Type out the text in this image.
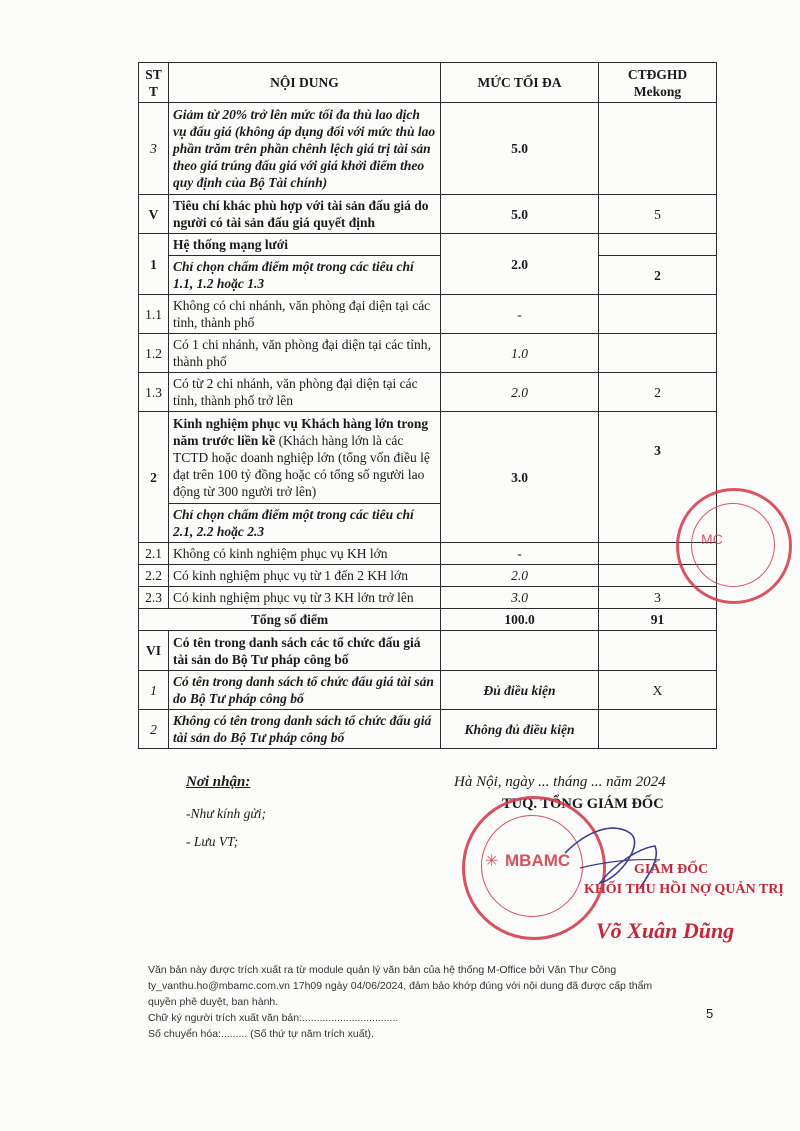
ST T	NỘI DUNG	MỨC TỐI ĐA	CTĐGHD Mekong
3	Giảm từ 20% trở lên mức tối đa thù lao dịch vụ đấu giá (không áp dụng đối với mức thù lao phần trăm trên phần chênh lệch giá trị tài sản theo giá trúng đấu giá với giá khởi điểm theo quy định của Bộ Tài chính)	5.0	
V	Tiêu chí khác phù hợp với tài sản đấu giá do người có tài sản đấu giá quyết định	5.0	5
1	Hệ thống mạng lưới	2.0	
	Chỉ chọn chấm điểm một trong các tiêu chí 1.1, 1.2 hoặc 1.3		2
1.1	Không có chi nhánh, văn phòng đại diện tại các tỉnh, thành phố	-	
1.2	Có 1 chi nhánh, văn phòng đại diện tại các tỉnh, thành phố	1.0	
1.3	Có từ 2 chi nhánh, văn phòng đại diện tại các tỉnh, thành phố trở lên	2.0	2
2	Kinh nghiệm phục vụ Khách hàng lớn trong năm trước liền kề (Khách hàng lớn là các TCTD hoặc doanh nghiệp lớn (tổng vốn điều lệ đạt trên 100 tỷ đồng hoặc có tổng số người lao động từ 300 người trở lên)	3.0	3
	Chỉ chọn chấm điểm một trong các tiêu chí 2.1, 2.2 hoặc 2.3		
2.1	Không có kinh nghiệm phục vụ KH lớn	-	
2.2	Có kinh nghiệm phục vụ từ 1 đến 2 KH lớn	2.0	
2.3	Có kinh nghiệm phục vụ từ 3 KH lớn trở lên	3.0	3
Tổng số điểm		100.0	91
VI	Có tên trong danh sách các tổ chức đấu giá tài sản do Bộ Tư pháp công bố		
1	Có tên trong danh sách tổ chức đấu giá tài sản do Bộ Tư pháp công bố	Đủ điều kiện	X
2	Không có tên trong danh sách tổ chức đấu giá tài sản do Bộ Tư pháp công bố	Không đủ điều kiện	
MC
Nơi nhận:
-Như kính gửi;
- Lưu VT;
Hà Nội, ngày ... tháng ... năm 2024
TUQ. TỔNG GIÁM ĐỐC
✳ MBAMC	GIÁM ĐỐC
KHỐI THU HỒI NỢ QUẢN TRỊ
Võ Xuân Dũng
Văn bản này được trích xuất ra từ module quản lý văn bản của hệ thống M-Office bởi Văn Thư Công
ty_vanthu.ho@mbamc.com.vn 17h09 ngày 04/06/2024, đảm bảo khớp đúng với nội dung đã được cấp thẩm
quyền phê duyệt, ban hành.
Chữ ký người trích xuất văn bản:.................................
Số chuyển hóa:......... (Số thứ tự năm trích xuất).
5
